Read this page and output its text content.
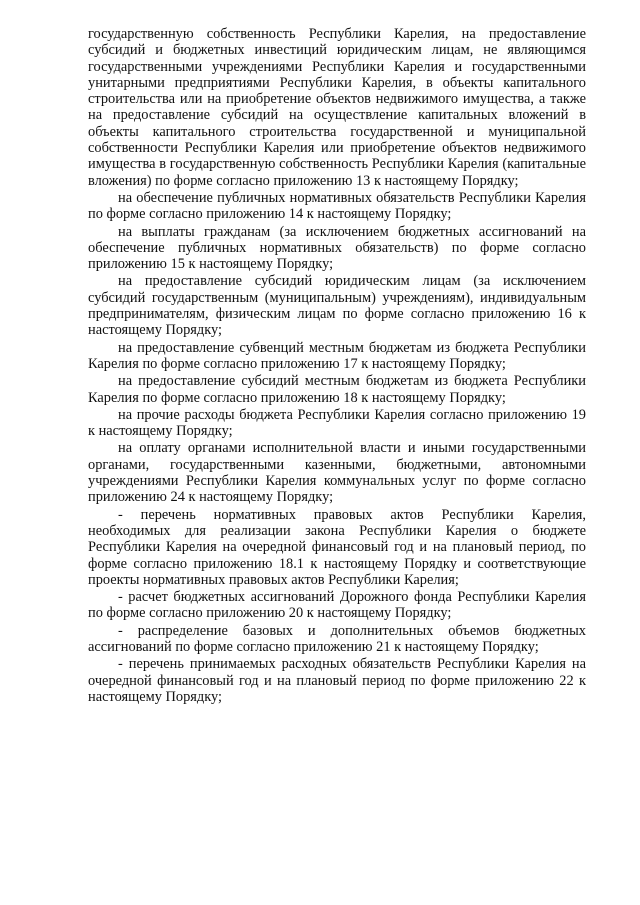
государственную собственность Республики Карелия, на предоставление субсидий и бюджетных инвестиций юридическим лицам, не являющимся государственными учреждениями Республики Карелия и государственными унитарными предприятиями Республики Карелия, в объекты капитального строительства или на приобретение объектов недвижимого имущества, а также на предоставление субсидий на осуществление капитальных вложений в объекты капитального строительства государственной и муниципальной собственности Республики Карелия или приобретение объектов недвижимого имущества в государственную собственность Республики Карелия (капитальные вложения) по форме согласно приложению 13 к настоящему Порядку;

на обеспечение публичных нормативных обязательств Республики Карелия по форме согласно приложению 14 к настоящему Порядку;

на выплаты гражданам (за исключением бюджетных ассигнований на обеспечение публичных нормативных обязательств) по форме согласно приложению 15 к настоящему Порядку;

на предоставление субсидий юридическим лицам (за исключением субсидий государственным (муниципальным) учреждениям), индивидуальным предпринимателям, физическим лицам по форме согласно приложению 16 к настоящему Порядку;

на предоставление субвенций местным бюджетам из бюджета Республики Карелия по форме согласно приложению 17 к настоящему Порядку;

на предоставление субсидий местным бюджетам из бюджета Республики Карелия по форме согласно приложению 18 к настоящему Порядку;

на прочие расходы бюджета Республики Карелия согласно приложению 19 к настоящему Порядку;

на оплату органами исполнительной власти и иными государственными органами, государственными казенными, бюджетными, автономными учреждениями Республики Карелия коммунальных услуг по форме согласно приложению 24 к настоящему Порядку;

- перечень нормативных правовых актов Республики Карелия, необходимых для реализации закона Республики Карелия о бюджете Республики Карелия на очередной финансовый год и на плановый период, по форме согласно приложению 18.1 к настоящему Порядку и соответствующие проекты нормативных правовых актов Республики Карелия;

- расчет бюджетных ассигнований Дорожного фонда Республики Карелия по форме согласно приложению 20 к настоящему Порядку;

- распределение базовых и дополнительных объемов бюджетных ассигнований по форме согласно приложению 21 к настоящему Порядку;

- перечень принимаемых расходных обязательств Республики Карелия на очередной финансовый год и на плановый период по форме приложению 22 к настоящему Порядку;
